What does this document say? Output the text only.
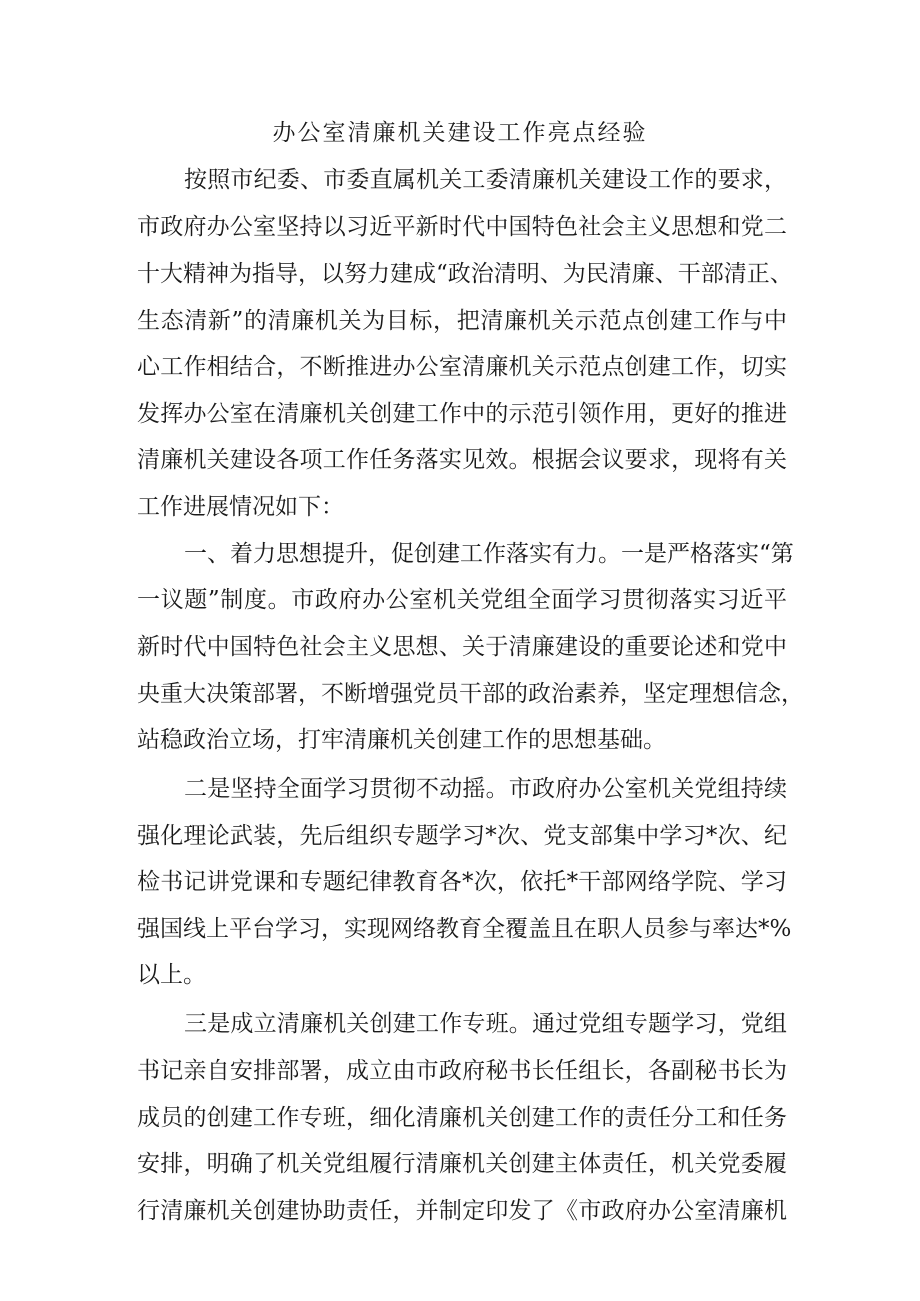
办公室清廉机关建设工作亮点经验
按照市纪委、市委直属机关工委清廉机关建设工作的要求，
市政府办公室坚持以习近平新时代中国特色社会主义思想和党二
十大精神为指导，以努力建成“政治清明、为民清廉、干部清正、
生态清新”的清廉机关为目标，把清廉机关示范点创建工作与中
心工作相结合，不断推进办公室清廉机关示范点创建工作，切实
发挥办公室在清廉机关创建工作中的示范引领作用，更好的推进
清廉机关建设各项工作任务落实见效。根据会议要求，现将有关
工作进展情况如下：
一、着力思想提升，促创建工作落实有力。一是严格落实“第
一议题”制度。市政府办公室机关党组全面学习贯彻落实习近平
新时代中国特色社会主义思想、关于清廉建设的重要论述和党中
央重大决策部署，不断增强党员干部的政治素养，坚定理想信念，
站稳政治立场，打牢清廉机关创建工作的思想基础。
二是坚持全面学习贯彻不动摇。市政府办公室机关党组持续
强化理论武装，先后组织专题学习*次、党支部集中学习*次、纪
检书记讲党课和专题纪律教育各*次，依托*干部网络学院、学习
强国线上平台学习，实现网络教育全覆盖且在职人员参与率达*%
以上。
三是成立清廉机关创建工作专班。通过党组专题学习，党组
书记亲自安排部署，成立由市政府秘书长任组长，各副秘书长为
成员的创建工作专班，细化清廉机关创建工作的责任分工和任务
安排，明确了机关党组履行清廉机关创建主体责任，机关党委履
行清廉机关创建协助责任，并制定印发了《市政府办公室清廉机
